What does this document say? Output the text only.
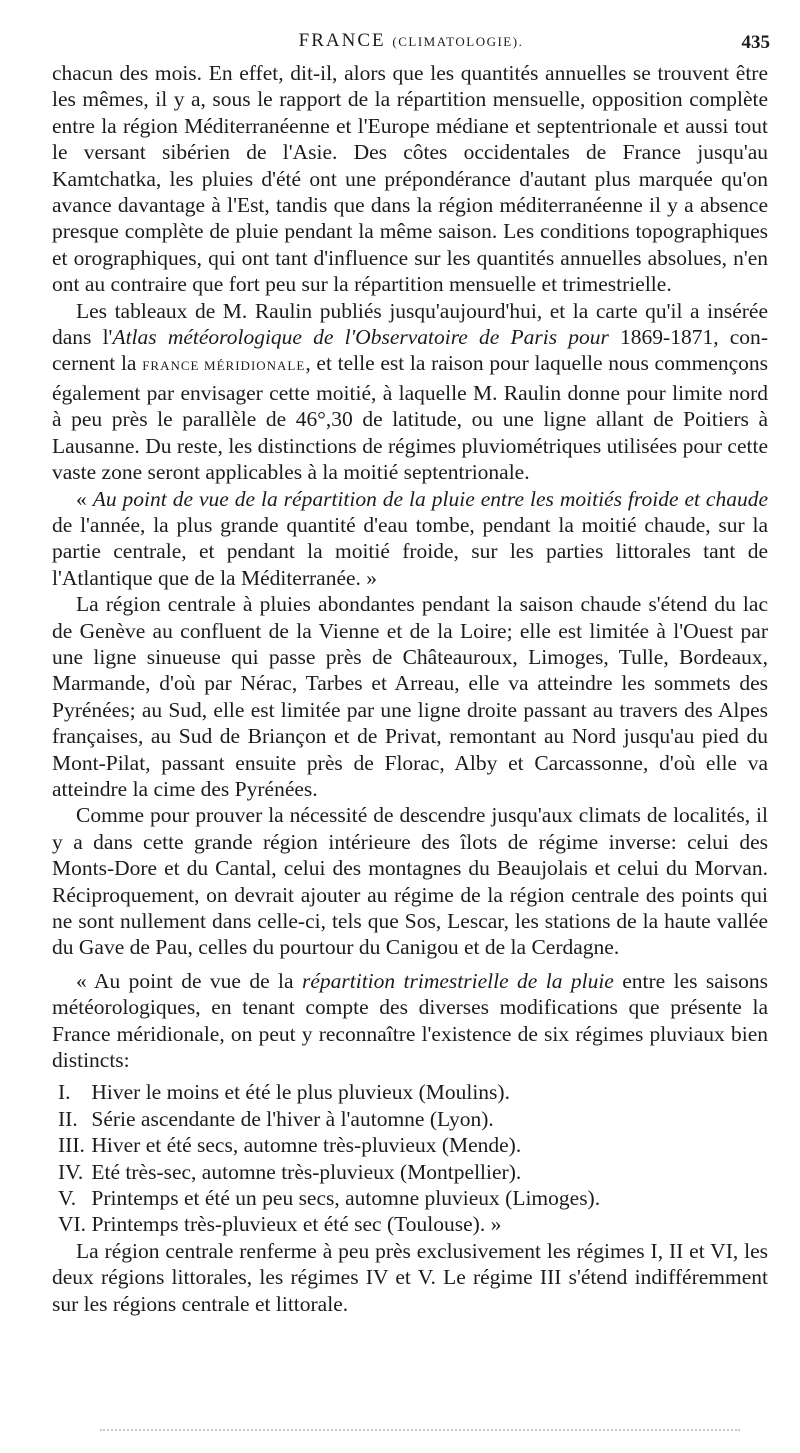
FRANCE (CLIMATOLOGIE).	435

chacun des mois. En effet, dit-il, alors que les quantités annuelles se trouvent être les mêmes, il y a, sous le rapport de la répartition mensuelle, opposition complète entre la région Méditerranéenne et l'Europe médiane et septentrionale et aussi tout le versant sibérien de l'Asie. Des côtes occidentales de France jusqu'au Kamtchatka, les pluies d'été ont une prépondérance d'autant plus marquée qu'on avance davantage à l'Est, tandis que dans la région méditerranéenne il y a absence presque complète de pluie pendant la même saison. Les conditions topographiques et orographiques, qui ont tant d'influence sur les quantités annuelles absolues, n'en ont au contraire que fort peu sur la répartition mensuelle et trimestrielle.

Les tableaux de M. Raulin publiés jusqu'aujourd'hui, et la carte qu'il a insérée dans l'Atlas météorologique de l'Observatoire de Paris pour 1869-1871, concernent la FRANCE MÉRIDIONALE, et telle est la raison pour laquelle nous commençons également par envisager cette moitié, à laquelle M. Raulin donne pour limite nord à peu près le parallèle de 46°,30 de latitude, ou une ligne allant de Poitiers à Lausanne. Du reste, les distinctions de régimes pluviométriques utilisées pour cette vaste zone seront applicables à la moitié septentrionale.

« Au point de vue de la répartition de la pluie entre les moitiés froide et chaude de l'année, la plus grande quantité d'eau tombe, pendant la moitié chaude, sur la partie centrale, et pendant la moitié froide, sur les parties littorales tant de l'Atlantique que de la Méditerranée. »

La région centrale à pluies abondantes pendant la saison chaude s'étend du lac de Genève au confluent de la Vienne et de la Loire; elle est limitée à l'Ouest par une ligne sinueuse qui passe près de Châteauroux, Limoges, Tulle, Bordeaux, Marmande, d'où par Nérac, Tarbes et Arreau, elle va atteindre les sommets des Pyrénées; au Sud, elle est limitée par une ligne droite passant au travers des Alpes françaises, au Sud de Briançon et de Privat, remontant au Nord jusqu'au pied du Mont-Pilat, passant ensuite près de Florac, Alby et Carcassonne, d'où elle va atteindre la cime des Pyrénées.

Comme pour prouver la nécessité de descendre jusqu'aux climats de localités, il y a dans cette grande région intérieure des îlots de régime inverse: celui des Monts-Dore et du Cantal, celui des montagnes du Beaujolais et celui du Morvan. Réciproquement, on devrait ajouter au régime de la région centrale des points qui ne sont nullement dans celle-ci, tels que Sos, Lescar, les stations de la haute vallée du Gave de Pau, celles du pourtour du Canigou et de la Cerdagne.

« Au point de vue de la répartition trimestrielle de la pluie entre les saisons météorologiques, en tenant compte des diverses modifications que présente la France méridionale, on peut y reconnaître l'existence de six régimes pluviaux bien distincts:

I. Hiver le moins et été le plus pluvieux (Moulins).
II. Série ascendante de l'hiver à l'automne (Lyon).
III. Hiver et été secs, automne très-pluvieux (Mende).
IV. Eté très-sec, automne très-pluvieux (Montpellier).
V. Printemps et été un peu secs, automne pluvieux (Limoges).
VI. Printemps très-pluvieux et été sec (Toulouse). »

La région centrale renferme à peu près exclusivement les régimes I, II et VI, les deux régions littorales, les régimes IV et V. Le régime III s'étend indifféremment sur les régions centrale et littorale.
